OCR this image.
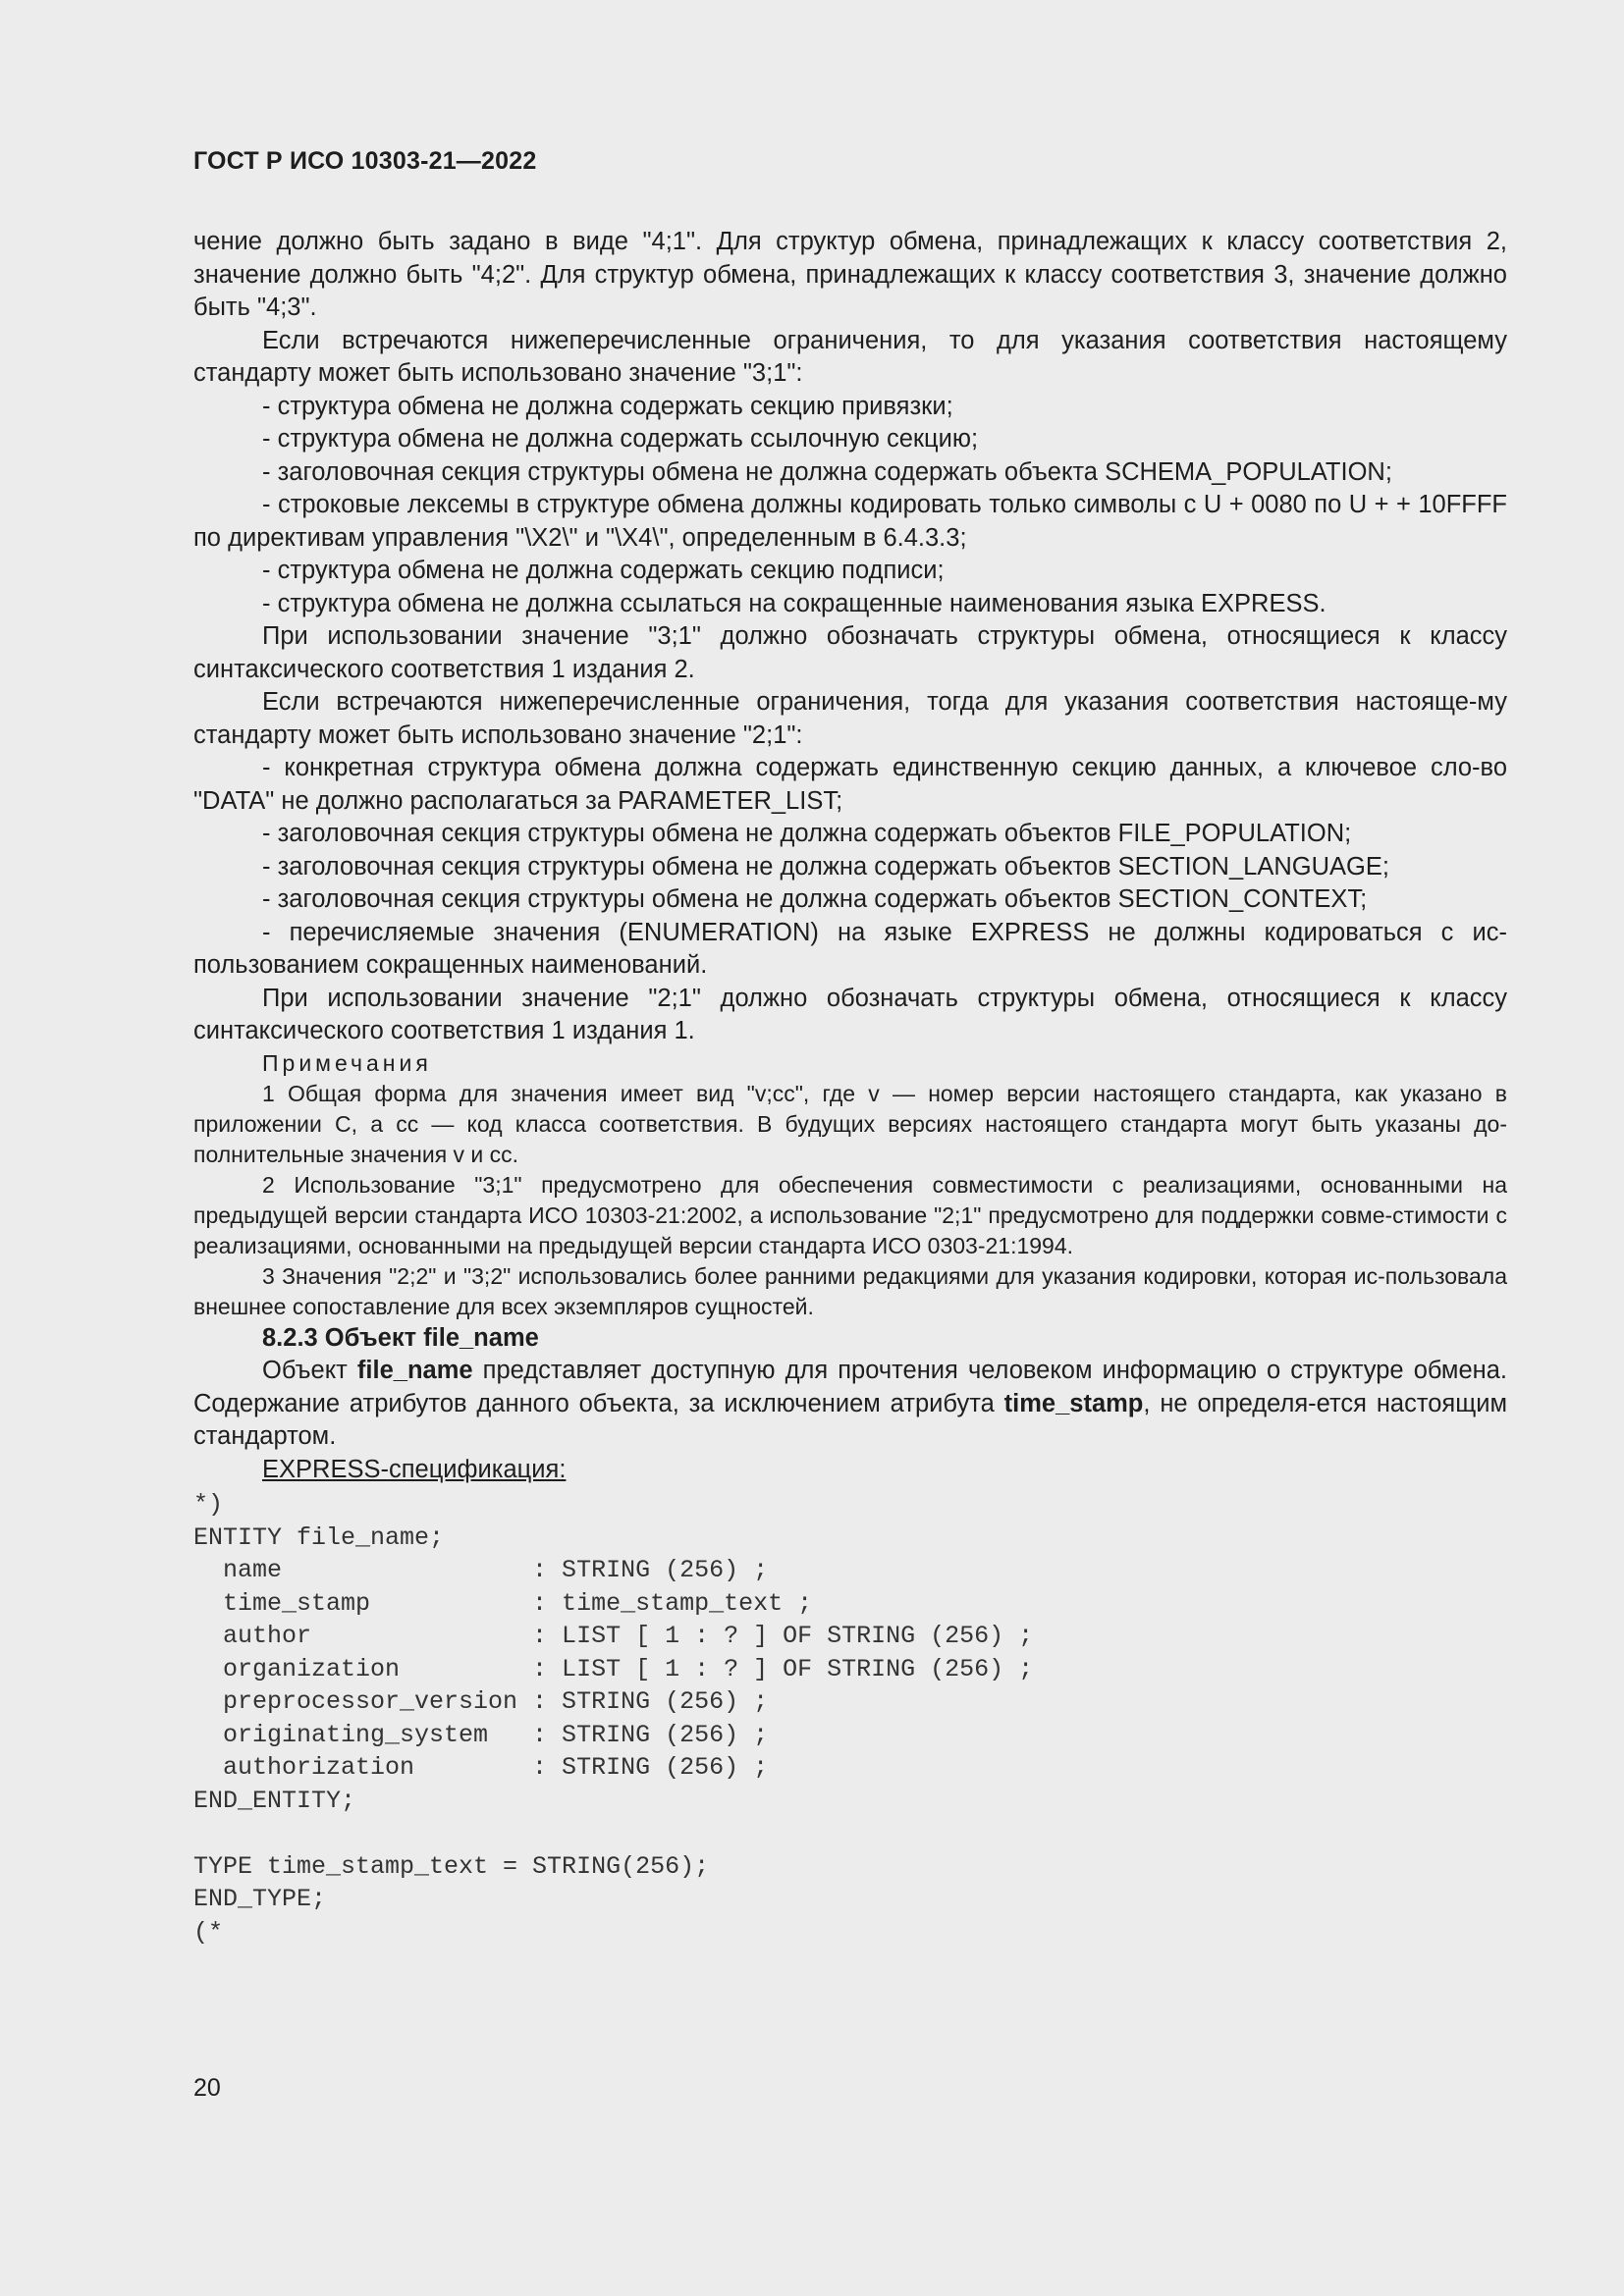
ГОСТ Р ИСО 10303-21—2022

чение должно быть задано в виде "4;1". Для структур обмена, принадлежащих к классу соответствия 2, значение должно быть "4;2". Для структур обмена, принадлежащих к классу соответствия 3, значение должно быть "4;3".

Если встречаются нижеперечисленные ограничения, то для указания соответствия настоящему стандарту может быть использовано значение "3;1":

- структура обмена не должна содержать секцию привязки;

- структура обмена не должна содержать ссылочную секцию;

- заголовочная секция структуры обмена не должна содержать объекта SCHEMA_POPULATION;

- строковые лексемы в структуре обмена должны кодировать только символы с U + 0080 по U + + 10FFFF по директивам управления "\X2\" и "\X4\", определенным в 6.4.3.3;

- структура обмена не должна содержать секцию подписи;

- структура обмена не должна ссылаться на сокращенные наименования языка EXPRESS.

При использовании значение "3;1" должно обозначать структуры обмена, относящиеся к классу синтаксического соответствия 1 издания 2.

Если встречаются нижеперечисленные ограничения, тогда для указания соответствия настояще-му стандарту может быть использовано значение "2;1":

- конкретная структура обмена должна содержать единственную секцию данных, а ключевое сло-во "DATA" не должно располагаться за PARAMETER_LIST;

- заголовочная секция структуры обмена не должна содержать объектов FILE_POPULATION;

- заголовочная секция структуры обмена не должна содержать объектов SECTION_LANGUAGE;

- заголовочная секция структуры обмена не должна содержать объектов SECTION_CONTEXT;

- перечисляемые значения (ENUMERATION) на языке EXPRESS не должны кодироваться с ис-пользованием сокращенных наименований.

При использовании значение "2;1" должно обозначать структуры обмена, относящиеся к классу синтаксического соответствия 1 издания 1.

Примечания

1 Общая форма для значения имеет вид "v;cc", где v — номер версии настоящего стандарта, как указано в приложении C, а cc — код класса соответствия. В будущих версиях настоящего стандарта могут быть указаны до-полнительные значения v и cc.

2 Использование "3;1" предусмотрено для обеспечения совместимости с реализациями, основанными на предыдущей версии стандарта ИСО 10303-21:2002, а использование "2;1" предусмотрено для поддержки совме-стимости с реализациями, основанными на предыдущей версии стандарта ИСО 0303-21:1994.

3 Значения "2;2" и "3;2" использовались более ранними редакциями для указания кодировки, которая ис-пользовала внешнее сопоставление для всех экземпляров сущностей.

8.2.3 Объект file_name

Объект file_name представляет доступную для прочтения человеком информацию о структуре обмена. Содержание атрибутов данного объекта, за исключением атрибута time_stamp, не определя-ется настоящим стандартом.

EXPRESS-спецификация:

*)
ENTITY file_name;
name                 : STRING (256) ;
time_stamp           : time_stamp_text ;
author               : LIST [ 1 : ? ] OF STRING (256) ;
organization         : LIST [ 1 : ? ] OF STRING (256) ;
preprocessor_version : STRING (256) ;
originating_system   : STRING (256) ;
authorization        : STRING (256) ;
END_ENTITY;

TYPE time_stamp_text = STRING(256);
END_TYPE;
(*
20
